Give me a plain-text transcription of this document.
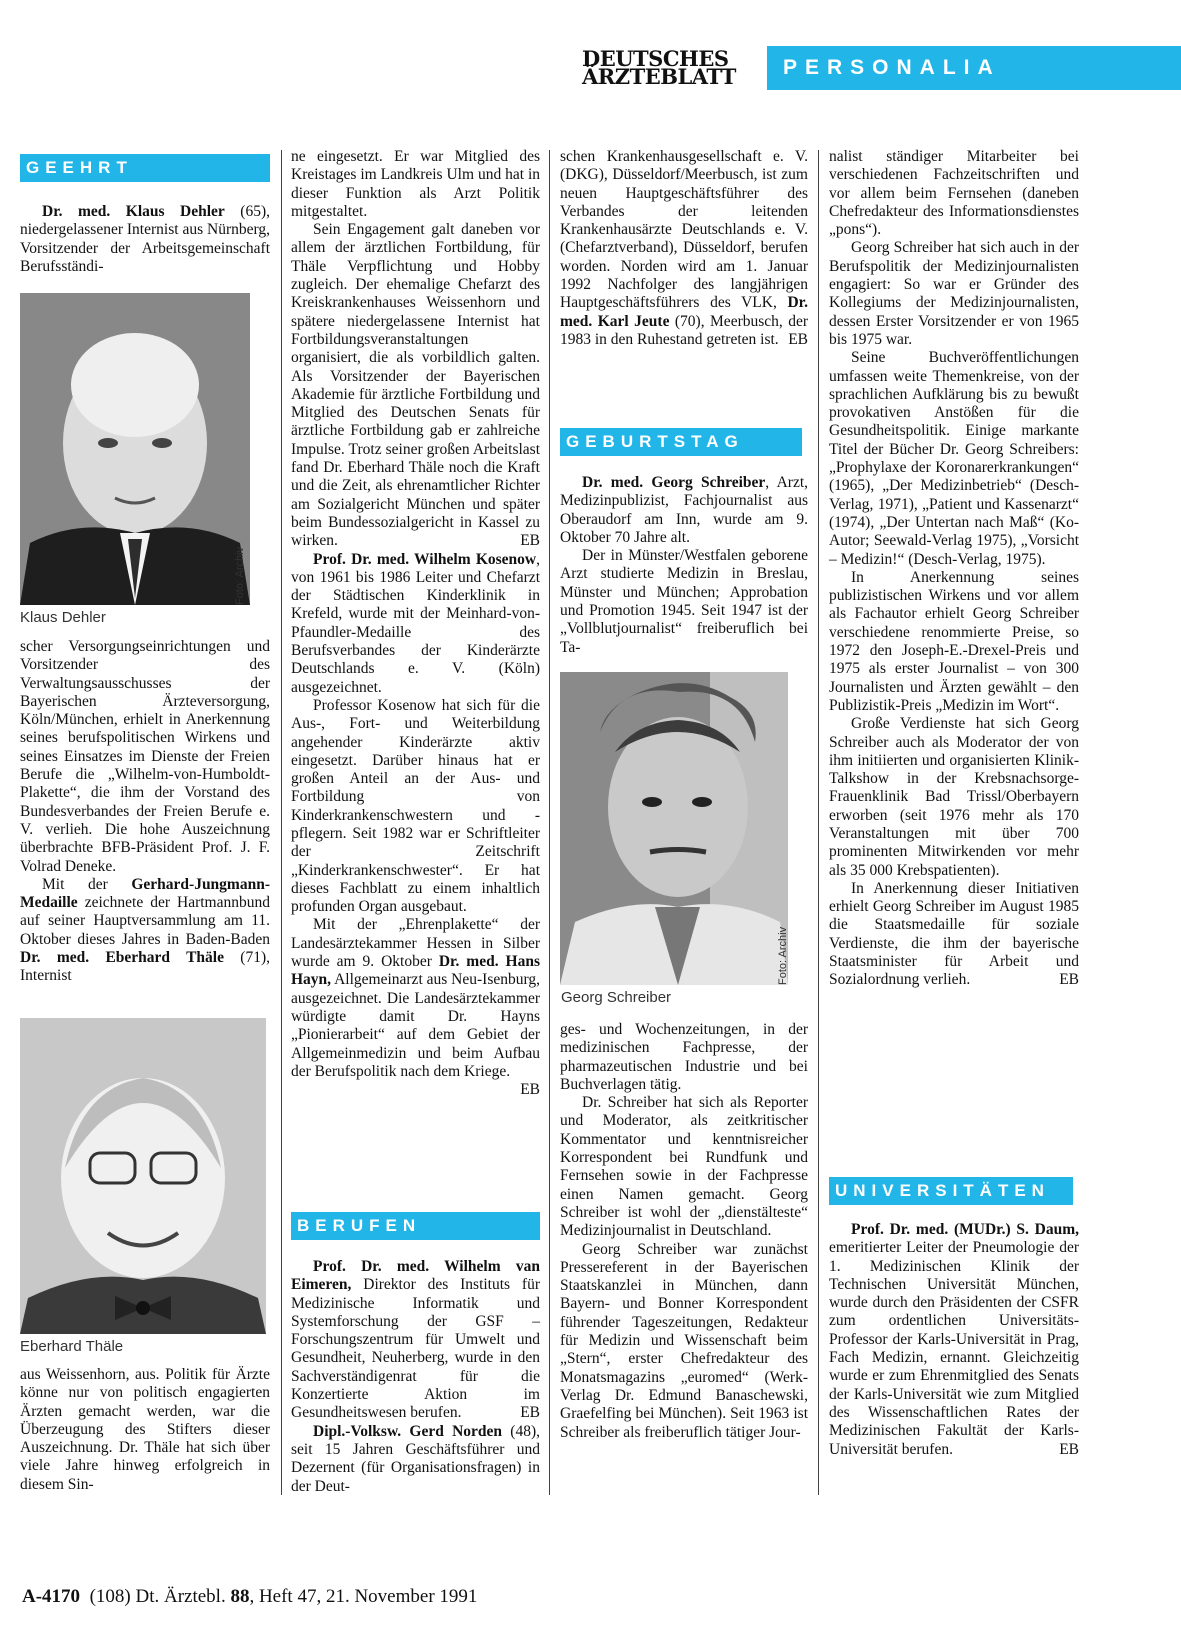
DEUTSCHES
ÄRZTEBLATT	PERSONALIA
GEEHRT

Dr. med. Klaus Dehler (65), niedergelassener Internist aus Nürnberg, Vorsitzender der Arbeitsgemeinschaft Berufsständi-

Foto: Archiv
Klaus Dehler

scher Versorgungseinrichtungen und Vorsitzender des Verwaltungsausschusses der Bayerischen Ärzteversorgung, Köln/München, erhielt in Anerkennung seines berufspolitischen Wirkens und seines Einsatzes im Dienste der Freien Berufe die „Wilhelm-von-Humboldt-Plakette“, die ihm der Vorstand des Bundesverbandes der Freien Berufe e. V. verlieh. Die hohe Auszeichnung überbrachte BFB-Präsident Prof. J. F. Volrad Deneke.

Mit der Gerhard-Jungmann-Medaille zeichnete der Hartmannbund auf seiner Hauptversammlung am 11. Oktober dieses Jahres in Baden-Baden Dr. med. Eberhard Thäle (71), Internist

Eberhard Thäle

aus Weissenhorn, aus. Politik für Ärzte könne nur von politisch engagierten Ärzten gemacht werden, war die Überzeugung des Stifters dieser Auszeichnung. Dr. Thäle hat sich über viele Jahre hinweg erfolgreich in diesem Sin-

ne eingesetzt. Er war Mitglied des Kreistages im Landkreis Ulm und hat in dieser Funktion als Arzt Politik mitgestaltet.

Sein Engagement galt daneben vor allem der ärztlichen Fortbildung, für Thäle Verpflichtung und Hobby zugleich. Der ehemalige Chefarzt des Kreiskrankenhauses Weissenhorn und spätere niedergelassene Internist hat Fortbildungsveranstaltungen organisiert, die als vorbildlich galten. Als Vorsitzender der Bayerischen Akademie für ärztliche Fortbildung und Mitglied des Deutschen Senats für ärztliche Fortbildung gab er zahlreiche Impulse. Trotz seiner großen Arbeitslast fand Dr. Eberhard Thäle noch die Kraft und die Zeit, als ehrenamtlicher Richter am Sozialgericht München und später beim Bundessozialgericht in Kassel zu wirken.	EB

Prof. Dr. med. Wilhelm Kosenow, von 1961 bis 1986 Leiter und Chefarzt der Städtischen Kinderklinik in Krefeld, wurde mit der Meinhard-von-Pfaundler-Medaille des Berufsverbandes der Kinderärzte Deutschlands e. V. (Köln) ausgezeichnet.

Professor Kosenow hat sich für die Aus-, Fort- und Weiterbildung angehender Kinderärzte aktiv eingesetzt. Darüber hinaus hat er großen Anteil an der Aus- und Fortbildung von Kinderkrankenschwestern und -pflegern. Seit 1982 war er Schriftleiter der Zeitschrift „Kinderkrankenschwester“. Er hat dieses Fachblatt zu einem inhaltlich profunden Organ ausgebaut.

Mit der „Ehrenplakette“ der Landesärztekammer Hessen in Silber wurde am 9. Oktober Dr. med. Hans Hayn, Allgemeinarzt aus Neu-Isenburg, ausgezeichnet. Die Landesärztekammer würdigte damit Dr. Hayns „Pionierarbeit“ auf dem Gebiet der Allgemeinmedizin und beim Aufbau der Berufspolitik nach dem Kriege.
EB

BERUFEN

Prof. Dr. med. Wilhelm van Eimeren, Direktor des Instituts für Medizinische Informatik und Systemforschung der GSF – Forschungszentrum für Umwelt und Gesundheit, Neuherberg, wurde in den Sachverständigenrat für die Konzertierte Aktion im Gesundheitswesen berufen.	EB

Dipl.-Volksw. Gerd Norden (48), seit 15 Jahren Geschäftsführer und Dezernent (für Organisationsfragen) in der Deut-

schen Krankenhausgesellschaft e. V. (DKG), Düsseldorf/Meerbusch, ist zum neuen Hauptgeschäftsführer des Verbandes der leitenden Krankenhausärzte Deutschlands e. V. (Chefarztverband), Düsseldorf, berufen worden. Norden wird am 1. Januar 1992 Nachfolger des langjährigen Hauptgeschäftsführers des VLK, Dr. med. Karl Jeute (70), Meerbusch, der 1983 in den Ruhestand getreten ist. EB

GEBURTSTAG

Dr. med. Georg Schreiber, Arzt, Medizinpublizist, Fachjournalist aus Oberaudorf am Inn, wurde am 9. Oktober 70 Jahre alt.

Der in Münster/Westfalen geborene Arzt studierte Medizin in Breslau, Münster und München; Approbation und Promotion 1945. Seit 1947 ist der „Vollblutjournalist“ freiberuflich bei Ta-

Foto: Archiv
Georg Schreiber

ges- und Wochenzeitungen, in der medizinischen Fachpresse, der pharmazeutischen Industrie und bei Buchverlagen tätig.

Dr. Schreiber hat sich als Reporter und Moderator, als zeitkritischer Kommentator und kenntnisreicher Korrespondent bei Rundfunk und Fernsehen sowie in der Fachpresse einen Namen gemacht. Georg Schreiber ist wohl der „dienstälteste“ Medizinjournalist in Deutschland.

Georg Schreiber war zunächst Pressereferent in der Bayerischen Staatskanzlei in München, dann Bayern- und Bonner Korrespondent führender Tageszeitungen, Redakteur für Medizin und Wissenschaft beim „Stern“, erster Chefredakteur des Monatsmagazins „euromed“ (Werk-Verlag Dr. Edmund Banaschewski, Graefelfing bei München). Seit 1963 ist Schreiber als freiberuflich tätiger Jour-

nalist ständiger Mitarbeiter bei verschiedenen Fachzeitschriften und vor allem beim Fernsehen (daneben Chefredakteur des Informationsdienstes „pons“).

Georg Schreiber hat sich auch in der Berufspolitik der Medizinjournalisten engagiert: So war er Gründer des Kollegiums der Medizinjournalisten, dessen Erster Vorsitzender er von 1965 bis 1975 war.

Seine Buchveröffentlichungen umfassen weite Themenkreise, von der sprachlichen Aufklärung bis zu bewußt provokativen Anstößen für die Gesundheitspolitik. Einige markante Titel der Bücher Dr. Georg Schreibers: „Prophylaxe der Koronarerkrankungen“ (1965), „Der Medizinbetrieb“ (Desch-Verlag, 1971), „Patient und Kassenarzt“ (1974), „Der Untertan nach Maß“ (Ko-Autor; Seewald-Verlag 1975), „Vorsicht – Medizin!“ (Desch-Verlag, 1975).

In Anerkennung seines publizistischen Wirkens und vor allem als Fachautor erhielt Georg Schreiber verschiedene renommierte Preise, so 1972 den Joseph-E.-Drexel-Preis und 1975 als erster Journalist – von 300 Journalisten und Ärzten gewählt – den Publizistik-Preis „Medizin im Wort“.

Große Verdienste hat sich Georg Schreiber auch als Moderator der von ihm initiierten und organisierten Klinik-Talkshow in der Krebsnachsorge-Frauenklinik Bad Trissl/Oberbayern erworben (seit 1976 mehr als 170 Veranstaltungen mit über 700 prominenten Mitwirkenden vor mehr als 35 000 Krebspatienten).

In Anerkennung dieser Initiativen erhielt Georg Schreiber im August 1985 die Staatsmedaille für soziale Verdienste, die ihm der bayerische Staatsminister für Arbeit und Sozialordnung verlieh.	EB

UNIVERSITÄTEN

Prof. Dr. med. (MUDr.) S. Daum, emeritierter Leiter der Pneumologie der 1. Medizinischen Klinik der Technischen Universität München, wurde durch den Präsidenten der CSFR zum ordentlichen Universitäts-Professor der Karls-Universität in Prag, Fach Medizin, ernannt. Gleichzeitig wurde er zum Ehrenmitglied des Senats der Karls-Universität wie zum Mitglied des Wissenschaftlichen Rates der Medizinischen Fakultät der Karls-Universität berufen.	EB

A-4170  (108) Dt. Ärztebl. 88, Heft 47, 21. November 1991
